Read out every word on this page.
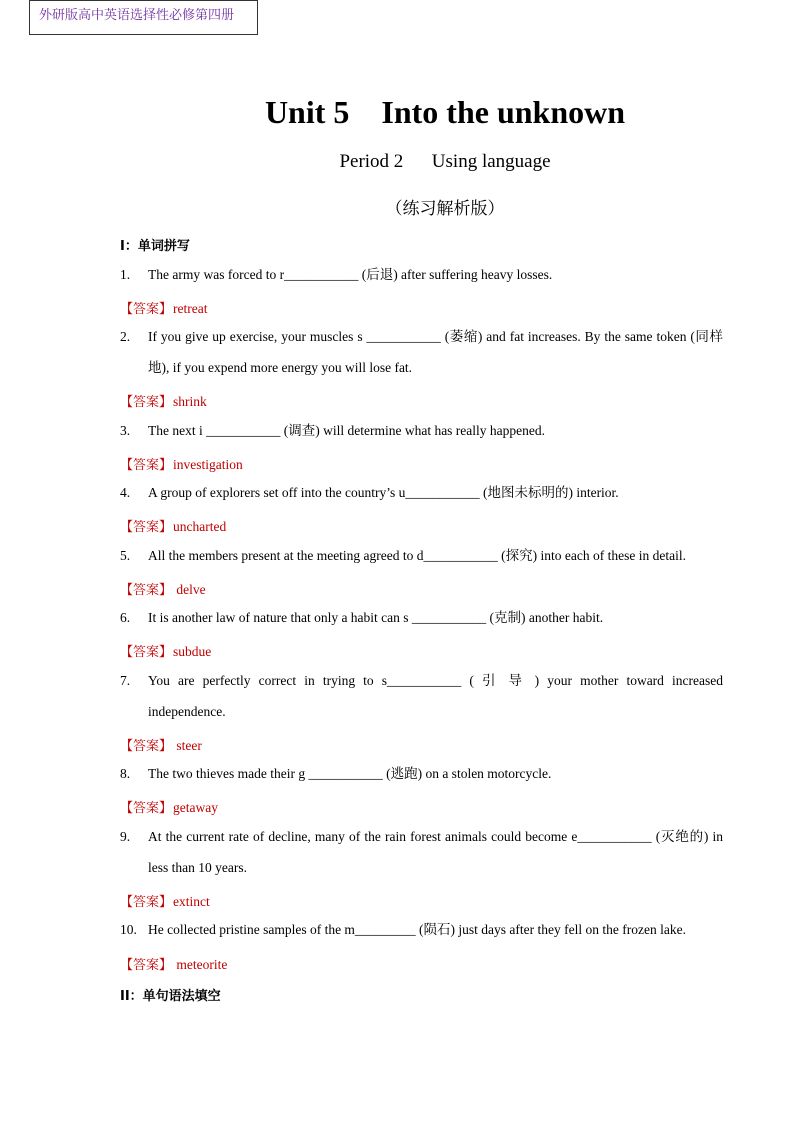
外研版高中英语选择性必修第四册
Unit 5    Into the unknown
Period 2      Using language
（练习解析版）
I：单词拼写
1. The army was forced to r___________ (后退) after suffering heavy losses.
【答案】retreat
2. If you give up exercise, your muscles s ___________ (萎缩) and fat increases. By the same token (同样地), if you expend more energy you will lose fat.
【答案】shrink
3. The next i ___________ (调查) will determine what has really happened.
【答案】investigation
4. A group of explorers set off into the country’s u___________ (地图未标明的) interior.
【答案】uncharted
5. All the members present at the meeting agreed to d___________ (探究) into each of these in detail.
【答案】 delve
6. It is another law of nature that only a habit can s ___________ (克制) another habit.
【答案】subdue
7. You are perfectly correct in trying to s___________ ( 引 导 ) your mother toward increased independence.
【答案】 steer
8. The two thieves made their g ___________ (逃跑) on a stolen motorcycle.
【答案】getaway
9. At the current rate of decline, many of the rain forest animals could become e___________ (灭绝的) in less than 10 years.
【答案】extinct
10. He collected pristine samples of the m_________ (陨石) just days after they fell on the frozen lake.
【答案】 meteorite
II：单句语法填空
